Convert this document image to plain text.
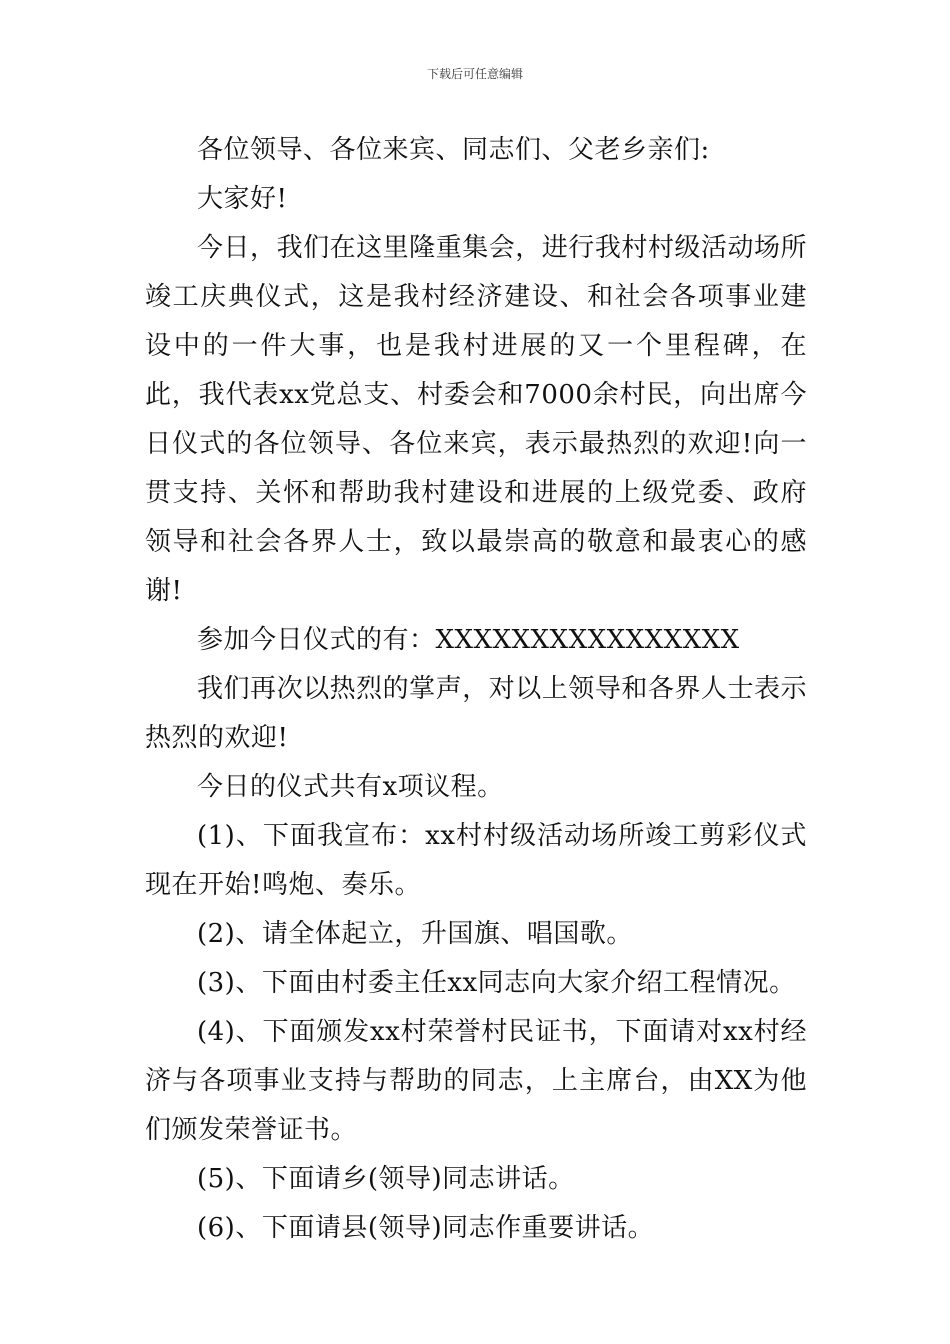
下载后可任意编辑

各位领导、各位来宾、同志们、父老乡亲们:

大家好!

今日，我们在这里隆重集会，进行我村村级活动场所竣工庆典仪式，这是我村经济建设、和社会各项事业建设中的一件大事，也是我村进展的又一个里程碑，在此，我代表xx党总支、村委会和7000余村民，向出席今日仪式的各位领导、各位来宾，表示最热烈的欢迎!向一贯支持、关怀和帮助我村建设和进展的上级党委、政府领导和社会各界人士，致以最崇高的敬意和最衷心的感谢!

参加今日仪式的有：XXXXXXXXXXXXXXXX

我们再次以热烈的掌声，对以上领导和各界人士表示热烈的欢迎!

今日的仪式共有x项议程。

(1)、下面我宣布：xx村村级活动场所竣工剪彩仪式现在开始!鸣炮、奏乐。

(2)、请全体起立，升国旗、唱国歌。

(3)、下面由村委主任xx同志向大家介绍工程情况。

(4)、下面颁发xx村荣誉村民证书，下面请对xx村经济与各项事业支持与帮助的同志，上主席台，由XX为他们颁发荣誉证书。

(5)、下面请乡(领导)同志讲话。

(6)、下面请县(领导)同志作重要讲话。
